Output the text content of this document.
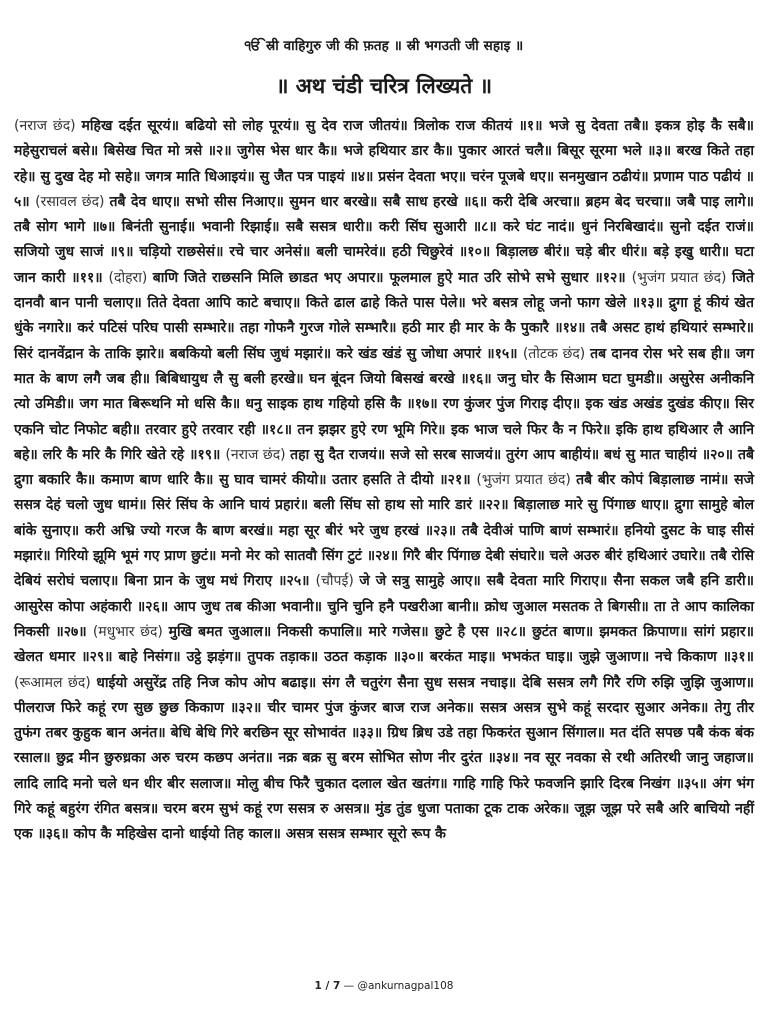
ੴ स्री वाहिगुरु जी की फ़तह ॥ स्री भगउती जी सहाइ ॥
॥ अथ चंडी चरित्र लिख्यते ॥

(नराज छंद) महिख दईत सूरयं॥ बढियो सो लोह पूरयं॥ सु देव राज जीतयं॥ त्रिलोक राज कीतयं ॥१॥ भजे सु देवता तबै॥ इकत्र होइ कै सबै॥ महेसुराचलं बसे॥ बिसेख चित मो त्रसे ॥२॥ जुगेस भेस धार कै॥ भजे हथियार डार कै॥ पुकार आरतं चलै॥ बिसूर सूरमा भले ॥३॥ बरख किते तहा रहे॥ सु दुख देह मो सहे॥ जगत्र माति धिआइयं॥ सु जैत पत्र पाइयं ॥४॥ प्रसंन देवता भए॥ चरंन पूजबे धए॥ सनमुखान ठढीयं॥ प्रणाम पाठ पढीयं ॥५॥ (रसावल छंद) तबै देव धाए॥ सभो सीस निआए॥ सुमन धार बरखे॥ सबै साध हरखे ॥६॥ करी देबि अरचा॥ ब्रहम बेद चरचा॥ जबै पाइ लागे॥ तबै सोग भागे ॥७॥ बिनंती सुनाई॥ भवानी रिझाई॥ सबै ससत्र धारी॥ करी सिंघ सुआरी ॥८॥ करे घंट नादं॥ धुनं निरबिखादं॥ सुनो दईत राजं॥ सजियो जुध साजं ॥९॥ चड़ियो राछसेसं॥ रचे चार अनेसं॥ बली चामरेवं॥ हठी चिछुरेवं ॥१०॥ बिड़ालछ बीरं॥ चड़े बीर धीरं॥ बड़े इखु धारी॥ घटा जान कारी ॥११॥ (दोहरा) बाणि जिते राछसनि मिलि छाडत भए अपार॥ फूलमाल हुऐ मात उरि सोभे सभे सुधार ॥१२॥ (भुजंग प्रयात छंद) जिते दानवौ बान पानी चलाए॥ तिते देवता आपि काटे बचाए॥ किते ढाल ढाहे किते पास पेले॥ भरे बसत्र लोहू जनो फाग खेले ॥१३॥ द्रुगा हूं कीयं खेत धुंके नगारे॥ करं पटिसं परिघ पासी सम्भारे॥ तहा गोफनै गुरज गोले सम्भारै॥ हठी मार ही मार के कै पुकारै ॥१४॥ तबै असट हाथं हथियारं सम्भारे॥ सिरं दानवेंद्रान के ताकि झारे॥ बबकियो बली सिंघ जुधं मझारं॥ करे खंड खंडं सु जोधा अपारं ॥१५॥ (तोटक छंद) तब दानव रोस भरे सब ही॥ जग मात के बाण लगै जब ही॥ बिबिधायुध लै सु बली हरखे॥ घन बूंदन जियो बिसखं बरखे ॥१६॥ जनु घोर कै सिआम घटा घुमडी॥ असुरेस अनीकनि त्यो उमिडी॥ जग मात बिरूथनि मो धसि कै॥ धनु साइक हाथ गहियो हसि कै ॥१७॥ रण कुंजर पुंज गिराइ दीए॥ इक खंड अखंड दुखंड कीए॥ सिर एकनि चोट निफोट बही॥ तरवार हुऐ तरवार रही ॥१८॥ तन झझर हुऐ रण भूमि गिरे॥ इक भाज चले फिर कै न फिरे॥ इकि हाथ हथिआर लै आनि बहे॥ लरि कै मरि कै गिरि खेते रहे ॥१९॥ (नराज छंद) तहा सु दैत राजयं॥ सजे सो सरब साजयं॥ तुरंग आप बाहीयं॥ बधं सु मात चाहीयं ॥२०॥ तबै द्रुगा बकारि कै॥ कमाण बाण धारि कै॥ सु घाव चामरं कीयो॥ उतार हसति ते दीयो ॥२१॥ (भुजंग प्रयात छंद) तबै बीर कोपं बिड़ालाछ नामं॥ सजे ससत्र देहं चलो जुध धामं॥ सिरं सिंघ के आनि घायं प्रहारं॥ बली सिंघ सो हाथ सो मारि डारं ॥२२॥ बिड़ालाछ मारे सु पिंगाछ धाए॥ द्रुगा सामुहे बोल बांके सुनाए॥ करी अभ्रि ज्यो गरज कै बाण बरखं॥ महा सूर बीरं भरे जुध हरखं ॥२३॥ तबै देवीअं पाणि बाणं सम्भारं॥ हनियो दुसट के घाइ सीसं मझारं॥ गिरियो झूमि भूमं गए प्राण छुटं॥ मनो मेर को सातवौ सिंग टुटं ॥२४॥ गिरै बीर पिंगाछ देबी संघारे॥ चले अउरु बीरं हथिआरं उघारे॥ तबै रोसि देबियं सरोघं चलाए॥ बिना प्रान के जुध मधं गिराए ॥२५॥ (चौपई) जे जे सत्रु सामुहे आए॥ सबै देवता मारि गिराए॥ सैना सकल जबै हनि डारी॥ आसुरेस कोपा अहंकारी ॥२६॥ आप जुध तब कीआ भवानी॥ चुनि चुनि हनै पखरीआ बानी॥ क्रोध जुआल मसतक ते बिगसी॥ ता ते आप कालिका निकसी ॥२७॥ (मधुभार छंद) मुखि बमत जुआल॥ निकसी कपालि॥ मारे गजेस॥ छुटे है एस ॥२८॥ छुटंत बाण॥ झमकत क्रिपाण॥ सांगं प्रहार॥ खेलत धमार ॥२९॥ बाहे निसंग॥ उट्ठे झड़ंग॥ तुपक तड़ाक॥ उठत कड़ाक ॥३०॥ बरकंत माइ॥ भभकंत घाइ॥ जुझे जुआण॥ नचे किकाण ॥३१॥ (रूआमल छंद) धाईयो असुरेंद्र तहि निज कोप ओप बढाइ॥ संग लै चतुरंग सैना सुध ससत्र नचाइ॥ देबि ससत्र लगै गिरै रणि रुझि जुझि जुआण॥ पीलराज फिरे कहूं रण सुछ छुछ किकाण ॥३२॥ चीर चामर पुंज कुंजर बाज राज अनेक॥ ससत्र असत्र सुभे कहूं सरदार सुआर अनेक॥ तेगु तीर तुफंग तबर कुहुक बान अनंत॥ बेधि बेधि गिरे बरछिन सूर सोभावंत ॥३३॥ ग्रिध ब्रिध उडे तहा फिकरंत सुआन सिंगाल॥ मत दंति सपछ पबै कंक बंक रसाल॥ छुद्र मीन छुरुध्रका अरु चरम कछप अनंत॥ नक्र बक्र सु बरम सोभित सोण नीर दुरंत ॥३४॥ नव सूर नवका से रथी अतिरथी जानु जहाज॥ लादि लादि मनो चले धन धीर बीर सलाज॥ मोलु बीच फिरै चुकात दलाल खेत खतंग॥ गाहि गाहि फिरे फवजनि झारि दिरब निखंग ॥३५॥ अंग भंग गिरे कहूं बहुरंग रंगित बसत्र॥ चरम बरम सुभं कहूं रण ससत्र रु असत्र॥ मुंड तुंड धुजा पताका टूक टाक अरेक॥ जूझ जूझ परे सबै अरि बाचियो नहीं एक ॥३६॥ कोप कै महिखेस दानो धाईयो तिह काल॥ असत्र ससत्र सम्भार सूरो रूप कै

1 / 7 — @ankurnagpal108
